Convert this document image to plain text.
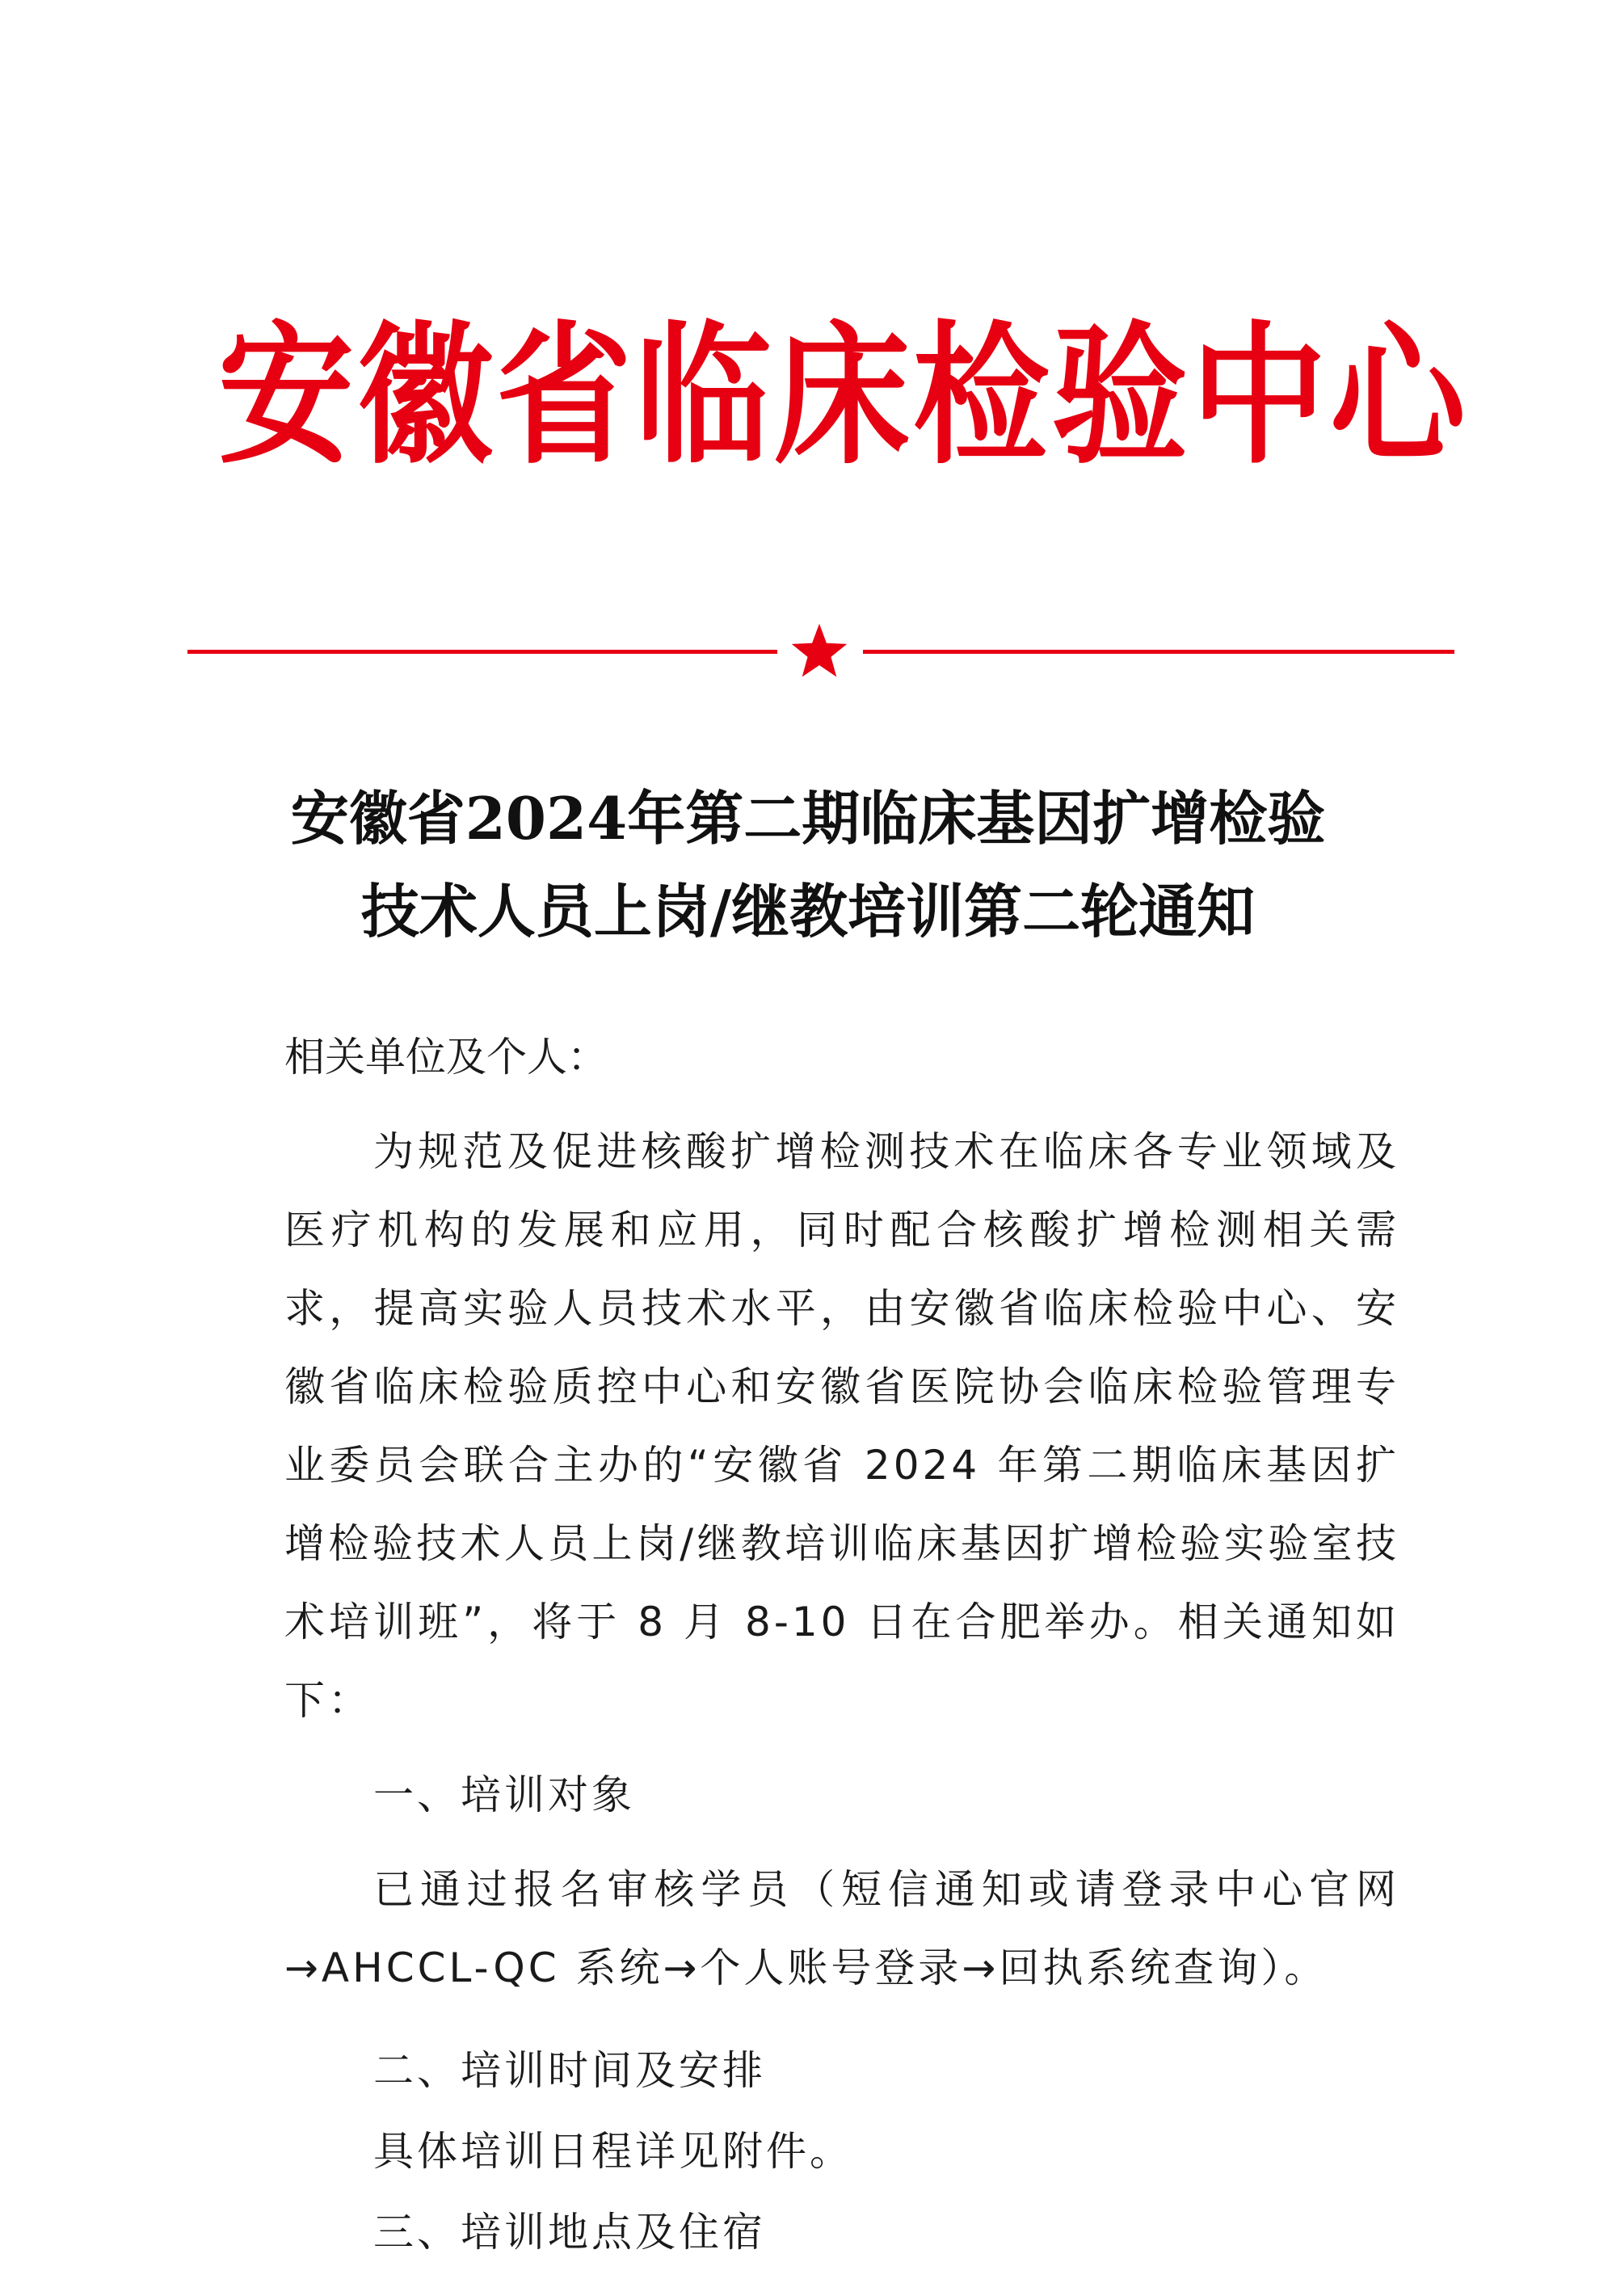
安徽省临床检验中心
安徽省2024年第二期临床基因扩增检验
技术人员上岗/继教培训第二轮通知

相关单位及个人：

为规范及促进核酸扩增检测技术在临床各专业领域及医疗机构的发展和应用，同时配合核酸扩增检测相关需求，提高实验人员技术水平，由安徽省临床检验中心、安徽省临床检验质控中心和安徽省医院协会临床检验管理专业委员会联合主办的“安徽省 2024 年第二期临床基因扩增检验技术人员上岗/继教培训临床基因扩增检验实验室技术培训班”，将于 8 月 8-10 日在合肥举办。相关通知如下：

一、培训对象

已通过报名审核学员（短信通知或请登录中心官网→AHCCL-QC 系统→个人账号登录→回执系统查询）。

二、培训时间及安排

具体培训日程详见附件。

三、培训地点及住宿
